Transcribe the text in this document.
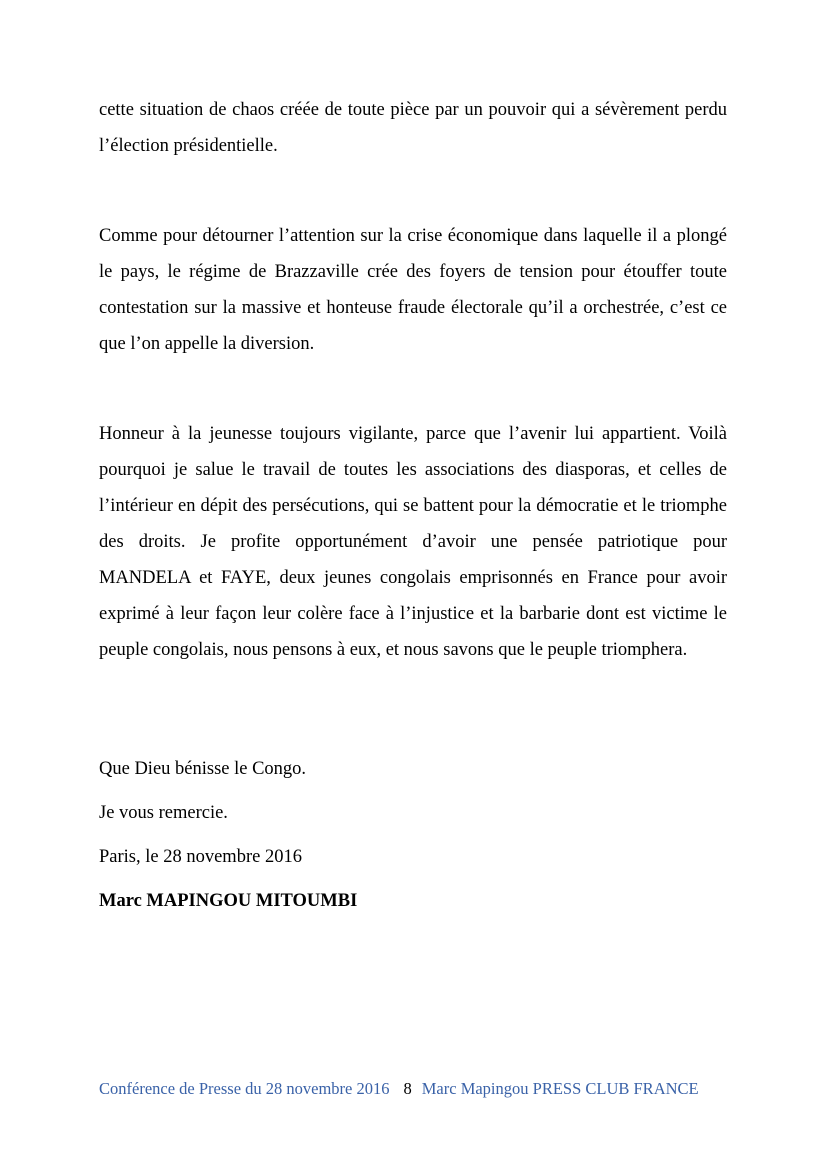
cette situation de chaos créée de toute pièce par un pouvoir qui a sévèrement perdu l’élection présidentielle.

Comme pour détourner l’attention sur la crise économique dans laquelle il a plongé le pays, le régime de Brazzaville crée des foyers de tension pour étouffer toute contestation sur la massive et honteuse fraude électorale qu’il a orchestrée, c’est ce que l’on appelle la diversion.

Honneur à la jeunesse toujours vigilante, parce que l’avenir lui appartient. Voilà pourquoi je salue le travail de toutes les associations des diasporas, et celles de l’intérieur en dépit des persécutions, qui se battent pour la démocratie et le triomphe des droits. Je profite opportunément d’avoir une pensée patriotique pour MANDELA et FAYE, deux jeunes congolais emprisonnés en France pour avoir exprimé à leur façon leur colère face à l’injustice et la barbarie dont est victime le peuple congolais, nous pensons à eux, et nous savons que le peuple triomphera.

Que Dieu bénisse le Congo.

Je vous remercie.

Paris, le 28 novembre 2016

Marc MAPINGOU MITOUMBI

Conférence de Presse du 28 novembre 2016 8 Marc Mapingou PRESS CLUB FRANCE
